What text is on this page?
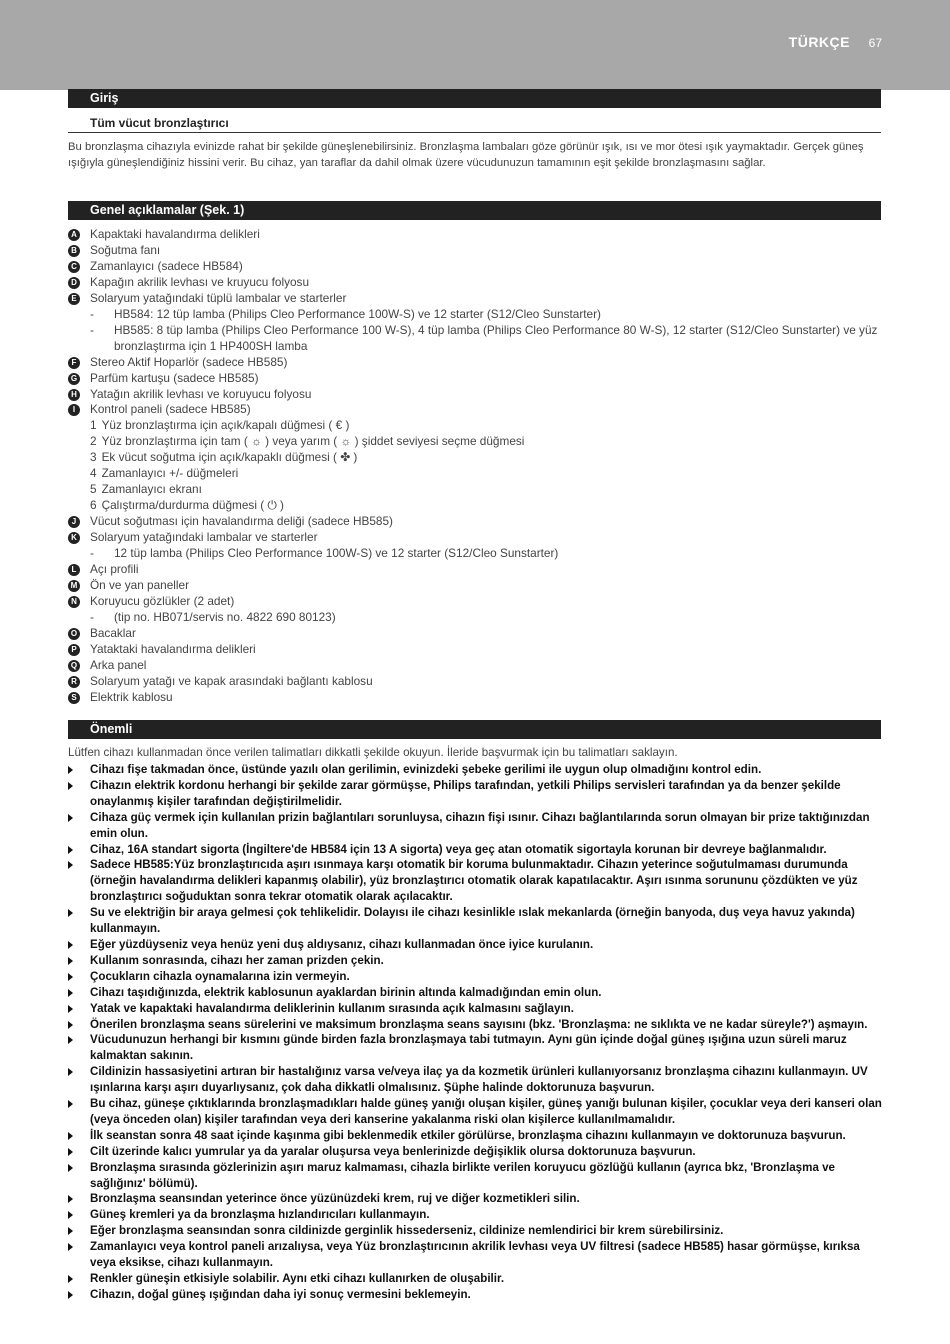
TÜRKÇE 67
Giriş
Tüm vücut bronzlaştırıcı
Bu bronzlaşma cihazıyla evinizde rahat bir şekilde güneşlenebilirsiniz. Bronzlaşma lambaları göze görünür ışık, ısı ve mor ötesi ışık yaymaktadır. Gerçek güneş ışığıyla güneşlendiğiniz hissini verir. Bu cihaz, yan taraflar da dahil olmak üzere vücudunuzun tamamının eşit şekilde bronzlaşmasını sağlar.
Genel açıklamalar (Şek. 1)
A Kapaktaki havalandırma delikleri
B Soğutma fanı
C Zamanlayıcı (sadece HB584)
D Kapağın akrilik levhası ve kruyucu folyosu
E Solaryum yatağındaki tüplü lambalar ve starterler
- HB584: 12 tüp lamba (Philips Cleo Performance 100W-S) ve 12 starter (S12/Cleo Sunstarter)
- HB585: 8 tüp lamba (Philips Cleo Performance 100 W-S), 4 tüp lamba (Philips Cleo Performance 80 W-S), 12 starter (S12/Cleo Sunstarter) ve yüz bronzlaştırma için 1 HP400SH lamba
F	Stereo Aktif Hoparlör (sadece HB585)
G Parfüm kartuşu (sadece HB585)
H Yatağın akrilik levhası ve koruyucu folyosu
I	Kontrol paneli (sadece HB585)
1 Yüz bronzlaştırma için açık/kapalı düğmesi ( € )
2 Yüz bronzlaştırma için tam ( ☼ ) veya yarım ( ☼ ) şiddet seviyesi seçme düğmesi
3 Ek vücut soğutma için açık/kapaklı düğmesi ( ✤ )
4 Zamanlayıcı +/- düğmeleri
5 Zamanlayıcı ekranı
6 Çalıştırma/durdurma düğmesi ( ⏻ )
J	Vücut soğutması için havalandırma deliği (sadece HB585)
K Solaryum yatağındaki lambalar ve starterler
- 12 tüp lamba (Philips Cleo Performance 100W-S) ve 12 starter (S12/Cleo Sunstarter)
L	Açı profili
M Ön ve yan paneller
N Koruyucu gözlükler (2 adet)
- (tip no. HB071/servis no. 4822 690 80123)
O Bacaklar
P Yataktaki havalandırma delikleri
Q Arka panel
R Solaryum yatağı ve kapak arasındaki bağlantı kablosu
S Elektrik kablosu
Önemli
Lütfen cihazı kullanmadan önce verilen talimatları dikkatli şekilde okuyun. İleride başvurmak için bu talimatları saklayın.
Cihazı fişe takmadan önce, üstünde yazılı olan gerilimin, evinizdeki şebeke gerilimi ile uygun olup olmadığını kontrol edin.
Cihazın elektrik kordonu herhangi bir şekilde zarar görmüşse, Philips tarafından, yetkili Philips servisleri tarafından ya da benzer şekilde onaylanmış kişiler tarafından değiştirilmelidir.
Cihaza güç vermek için kullanılan prizin bağlantıları sorunluysa, cihazın fişi ısınır. Cihazı bağlantılarında sorun olmayan bir prize taktığınızdan emin olun.
Cihaz, 16A standart sigorta (İngiltere'de HB584 için 13 A sigorta) veya geç atan otomatik sigortayla korunan bir devreye bağlanmalıdır.
Sadece HB585:Yüz bronzlaştırıcıda aşırı ısınmaya karşı otomatik bir koruma bulunmaktadır. Cihazın yeterince soğutulmaması durumunda (örneğin havalandırma delikleri kapanmış olabilir), yüz bronzlaştırıcı otomatik olarak kapatılacaktır. Aşırı ısınma sorununu çözdükten ve yüz bronzlaştırıcı soğuduktan sonra tekrar otomatik olarak açılacaktır.
Su ve elektriğin bir araya gelmesi çok tehlikelidir. Dolayısı ile cihazı kesinlikle ıslak mekanlarda (örneğin banyoda, duş veya havuz yakında) kullanmayın.
Eğer yüzdüyseniz veya henüz yeni duş aldıysanız, cihazı kullanmadan önce iyice kurulanın.
Kullanım sonrasında, cihazı her zaman prizden çekin.
Çocukların cihazla oynamalarına izin vermeyin.
Cihazı taşıdığınızda, elektrik kablosunun ayaklardan birinin altında kalmadığından emin olun.
Yatak ve kapaktaki havalandırma deliklerinin kullanım sırasında açık kalmasını sağlayın.
Önerilen bronzlaşma seans sürelerini ve maksimum bronzlaşma seans sayısını (bkz. 'Bronzlaşma: ne sıklıkta ve ne kadar süreyle?') aşmayın.
Vücudunuzun herhangi bir kısmını günde birden fazla bronzlaşmaya tabi tutmayın. Aynı gün içinde doğal güneş ışığına uzun süreli maruz kalmaktan sakının.
Cildinizin hassasiyetini artıran bir hastalığınız varsa ve/veya ilaç ya da kozmetik ürünleri kullanıyorsanız bronzlaşma cihazını kullanmayın. UV ışınlarına karşı aşırı duyarlıysanız, çok daha dikkatli olmalısınız. Şüphe halinde doktorunuza başvurun.
Bu cihaz, güneşe çıktıklarında bronzlaşmadıkları halde güneş yanığı oluşan kişiler, güneş yanığı bulunan kişiler, çocuklar veya deri kanseri olan (veya önceden olan) kişiler tarafından veya deri kanserine yakalanma riski olan kişilerce kullanılmamalıdır.
İlk seanstan sonra 48 saat içinde kaşınma gibi beklenmedik etkiler görülürse, bronzlaşma cihazını kullanmayın ve doktorunuza başvurun.
Cilt üzerinde kalıcı yumrular ya da yaralar oluşursa veya benlerinizde değişiklik olursa doktorunuza başvurun.
Bronzlaşma sırasında gözlerinizin aşırı maruz kalmaması, cihazla birlikte verilen koruyucu gözlüğü kullanın (ayrıca bkz, 'Bronzlaşma ve sağlığınız' bölümü).
Bronzlaşma seansından yeterince önce yüzünüzdeki krem, ruj ve diğer kozmetikleri silin.
Güneş kremleri ya da bronzlaşma hızlandırıcıları kullanmayın.
Eğer bronzlaşma seansından sonra cildinizde gerginlik hissederseniz, cildinize nemlendirici bir krem sürebilirsiniz.
Zamanlayıcı veya kontrol paneli arızalıysa, veya Yüz bronzlaştırıcının akrilik levhası veya UV filtresi (sadece HB585) hasar görmüşse, kırıksa veya eksikse, cihazı kullanmayın.
Renkler güneşin etkisiyle solabilir. Aynı etki cihazı kullanırken de oluşabilir.
Cihazın, doğal güneş ışığından daha iyi sonuç vermesini beklemeyin.
